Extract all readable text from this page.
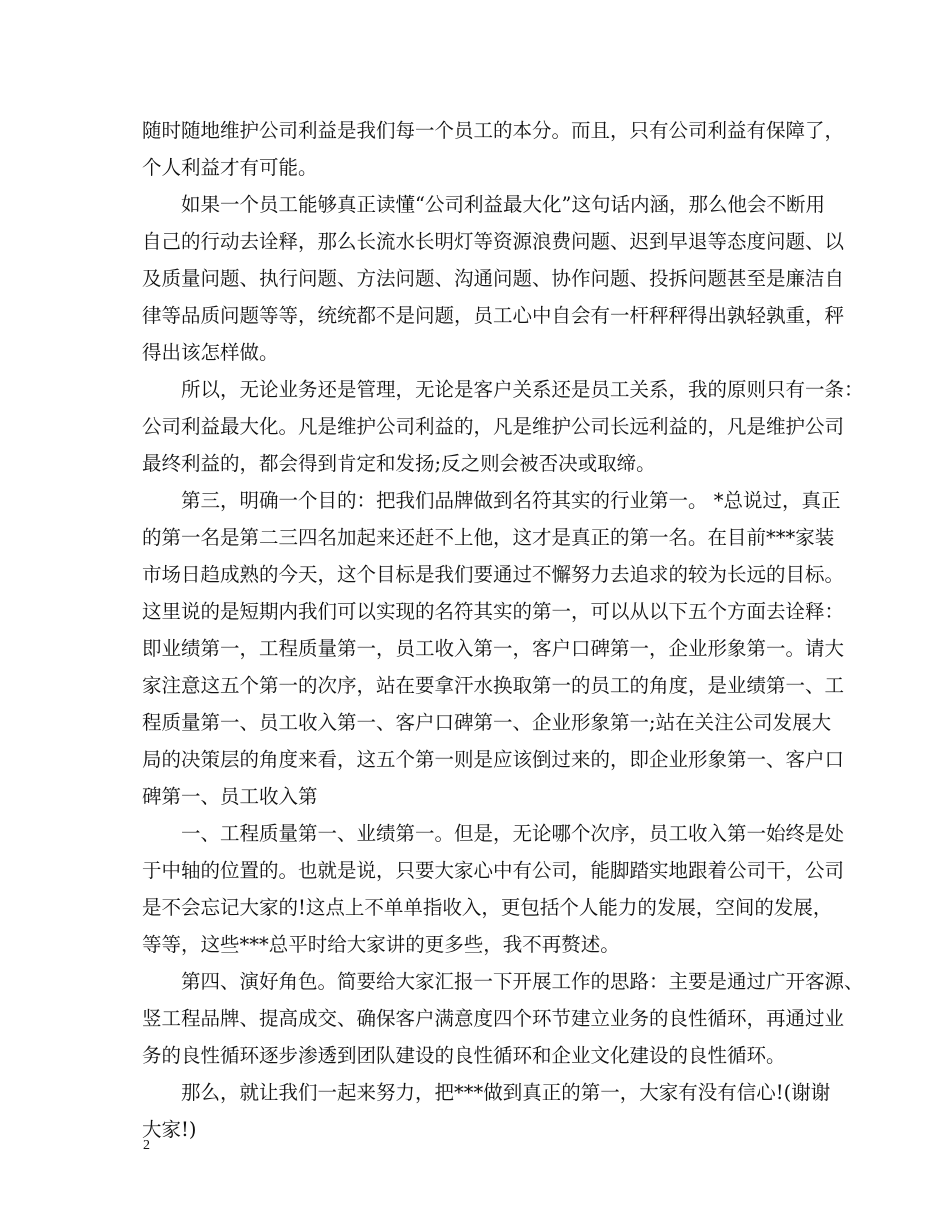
随时随地维护公司利益是我们每一个员工的本分。而且，只有公司利益有保障了，
个人利益才有可能。
如果一个员工能够真正读懂“公司利益最大化”这句话内涵，那么他会不断用
自己的行动去诠释，那么长流水长明灯等资源浪费问题、迟到早退等态度问题、以
及质量问题、执行问题、方法问题、沟通问题、协作问题、投拆问题甚至是廉洁自
律等品质问题等等，统统都不是问题，员工心中自会有一杆秤秤得出孰轻孰重，秤
得出该怎样做。
所以，无论业务还是管理，无论是客户关系还是员工关系，我的原则只有一条：
公司利益最大化。凡是维护公司利益的，凡是维护公司长远利益的，凡是维护公司
最终利益的，都会得到肯定和发扬;反之则会被否决或取缔。
第三，明确一个目的：把我们品牌做到名符其实的行业第一。 *总说过，真正
的第一名是第二三四名加起来还赶不上他，这才是真正的第一名。在目前***家装
市场日趋成熟的今天，这个目标是我们要通过不懈努力去追求的较为长远的目标。
这里说的是短期内我们可以实现的名符其实的第一，可以从以下五个方面去诠释：
即业绩第一，工程质量第一，员工收入第一，客户口碑第一，企业形象第一。请大
家注意这五个第一的次序，站在要拿汗水换取第一的员工的角度，是业绩第一、工
程质量第一、员工收入第一、客户口碑第一、企业形象第一;站在关注公司发展大
局的决策层的角度来看，这五个第一则是应该倒过来的，即企业形象第一、客户口
碑第一、员工收入第
一、工程质量第一、业绩第一。但是，无论哪个次序，员工收入第一始终是处
于中轴的位置的。也就是说，只要大家心中有公司，能脚踏实地跟着公司干，公司
是不会忘记大家的!这点上不单单指收入，更包括个人能力的发展，空间的发展，
等等，这些***总平时给大家讲的更多些，我不再赘述。
第四、演好角色。简要给大家汇报一下开展工作的思路：主要是通过广开客源、
竖工程品牌、提高成交、确保客户满意度四个环节建立业务的良性循环，再通过业
务的良性循环逐步渗透到团队建设的良性循环和企业文化建设的良性循环。
那么，就让我们一起来努力，把***做到真正的第一，大家有没有信心!(谢谢
大家!)
2
